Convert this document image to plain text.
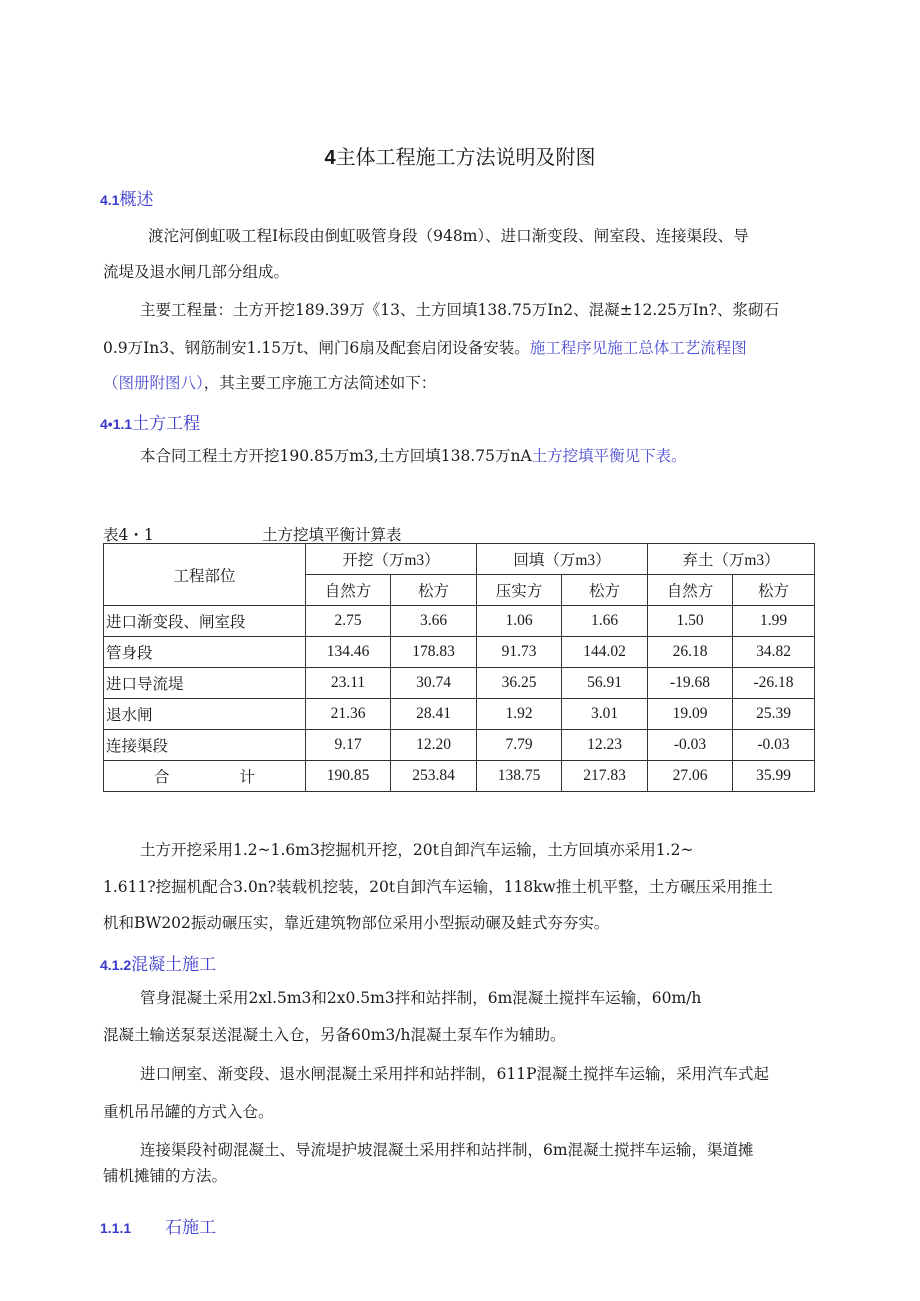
4主体工程施工方法说明及附图
4.1概述
渡沱河倒虹吸工程Ⅰ标段由倒虹吸管身段（948m）、进口渐变段、闸室段、连接渠段、导
流堤及退水闸几部分组成。
主要工程量：土方开挖189.39万《13、土方回填138.75万In2、混凝±12.25万In?、浆砌石
0.9万In3、钢筋制安1.15万t、闸门6扇及配套启闭设备安装。施工程序见施工总体工艺流程图
（图册附图八），其主要工序施工方法简述如下：
4•1.1土方工程
本合同工程土方开挖190.85万m3,土方回填138.75万nA土方挖填平衡见下表。
表4・1	土方挖填平衡计算表
工程部位	开挖（万m3）		回填（万m3）		弃土（万m3）	
	自然方	松方	压实方	松方	自然方	松方
进口渐变段、闸室段	2.75	3.66	1.06	1.66	1.50	1.99
管身段	134.46	178.83	91.73	144.02	26.18	34.82
进口导流堤	23.11	30.74	36.25	56.91	-19.68	-26.18
退水闸	21.36	28.41	1.92	3.01	19.09	25.39
连接渠段	9.17	12.20	7.79	12.23	-0.03	-0.03
合 计	190.85	253.84	138.75	217.83	27.06	35.99
土方开挖采用1.2~1.6m3挖掘机开挖，20t自卸汽车运输，土方回填亦采用1.2~
1.611?挖掘机配合3.0n?装载机挖装，20t自卸汽车运输，118kw推土机平整，土方碾压采用推土
机和BW202振动碾压实，靠近建筑物部位采用小型振动碾及蛙式夯夯实。
4.1.2混凝土施工
管身混凝土采用2xl.5m3和2x0.5m3拌和站拌制，6m混凝土搅拌车运输，60m/h
混凝土输送泵泵送混凝土入仓，另备60m3/h混凝土泵车作为辅助。
进口闸室、渐变段、退水闸混凝土采用拌和站拌制，611P混凝土搅拌车运输，采用汽车式起
重机吊吊罐的方式入仓。
连接渠段衬砌混凝土、导流堤护坡混凝土采用拌和站拌制，6m混凝土搅拌车运输，渠道摊
铺机摊铺的方法。
1.1.1 石施工
